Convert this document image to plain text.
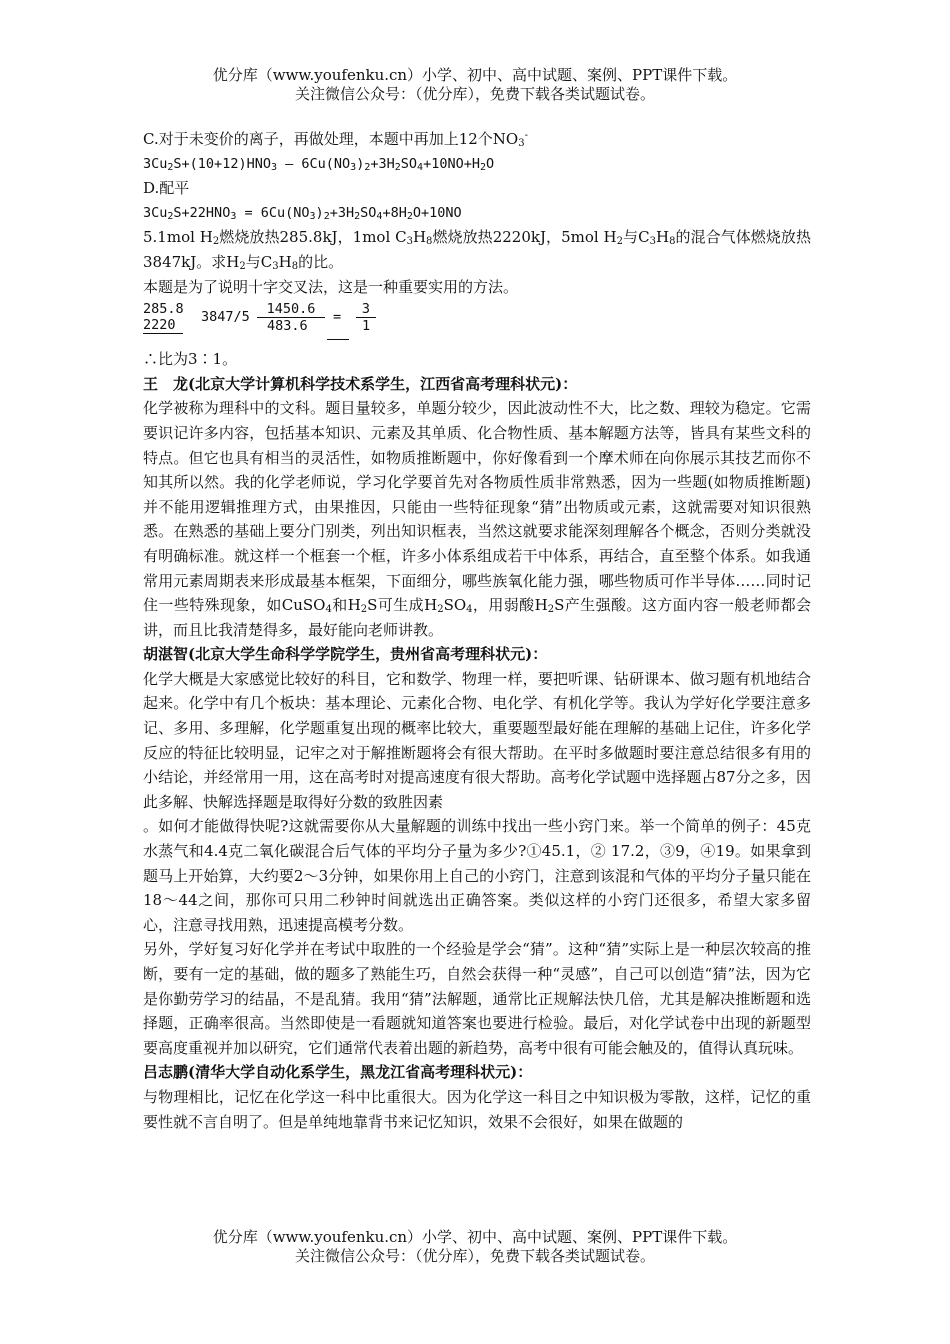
优分库（www.youfenku.cn）小学、初中、高中试题、案例、PPT课件下载。
关注微信公众号：（优分库），免费下载各类试题试卷。

C.对于未变价的离子，再做处理，本题中再加上12个$NO_3^-$

$3Cu_2S+(10+12)HNO_3$ — $6Cu(NO_3)_2+3H_2SO_4+10NO+H_2O$

D.配平

$3Cu_2S+22HNO_3 = 6Cu(NO_3)_2+3H_2SO_4+8H_2O+10NO$

5.1mol $H_2$燃烧放热285.8kJ，1mol $C_3H_8$燃烧放热2220kJ，5mol $H_2$与$C_3H_8$的混合气体燃烧放热3847kJ。求$H_2$与$C_3H_8$的比。

本题是为了说明十字交叉法，这是一种重要实用的方法。

285.8
2220	3847/5	1450.6
483.6
=	3
1

∴比为3∶1。

王　龙(北京大学计算机科学技术系学生，江西省高考理科状元)：

化学被称为理科中的文科。题目量较多，单题分较少，因此波动性不大，比之数、理较为稳定。它需要识记许多内容，包括基本知识、元素及其单质、化合物性质、基本解题方法等，皆具有某些文科的特点。但它也具有相当的灵活性，如物质推断题中，你好像看到一个摩术师在向你展示其技艺而你不知其所以然。我的化学老师说，学习化学要首先对各物质性质非常熟悉，因为一些题(如物质推断题)并不能用逻辑推理方式，由果推因，只能由一些特征现象“猜”出物质或元素，这就需要对知识很熟悉。在熟悉的基础上要分门别类，列出知识框表，当然这就要求能深刻理解各个概念，否则分类就没有明确标准。就这样一个框套一个框，许多小体系组成若干中体系，再结合，直至整个体系。如我通常用元素周期表来形成最基本框架，下面细分，哪些族氧化能力强，哪些物质可作半导体……同时记住一些特殊现象，如CuSO$_4$和$H_2S$可生成$H_2SO_4$，用弱酸$H_2S$产生强酸。这方面内容一般老师都会讲，而且比我清楚得多，最好能向老师讲教。

胡湛智(北京大学生命科学学院学生，贵州省高考理科状元)：

化学大概是大家感觉比较好的科目，它和数学、物理一样，要把听课、钻研课本、做习题有机地结合起来。化学中有几个板块：基本理论、元素化合物、电化学、有机化学等。我认为学好化学要注意多记、多用、多理解，化学题重复出现的概率比较大，重要题型最好能在理解的基础上记住，许多化学反应的特征比较明显，记牢之对于解推断题将会有很大帮助。在平时多做题时要注意总结很多有用的小结论，并经常用一用，这在高考时对提高速度有很大帮助。高考化学试题中选择题占87分之多，因此多解、快解选择题是取得好分数的致胜因素

。如何才能做得快呢?这就需要你从大量解题的训练中找出一些小窍门来。举一个简单的例子：45克水蒸气和4.4克二氧化碳混合后气体的平均分子量为多少?①45.1，② 17.2，③9，④19。如果拿到题马上开始算，大约要2～3分钟，如果你用上自己的小窍门，注意到该混和气体的平均分子量只能在18～44之间，那你可只用二秒钟时间就选出正确答案。类似这样的小窍门还很多，希望大家多留心，注意寻找用熟，迅速提高模考分数。

另外，学好复习好化学并在考试中取胜的一个经验是学会“猜”。这种“猜”实际上是一种层次较高的推断，要有一定的基础，做的题多了熟能生巧，自然会获得一种“灵感”，自己可以创造“猜”法，因为它是你勤劳学习的结晶，不是乱猜。我用“猜”法解题，通常比正规解法快几倍，尤其是解决推断题和选择题，正确率很高。当然即使是一看题就知道答案也要进行检验。最后，对化学试卷中出现的新题型要高度重视并加以研究，它们通常代表着出题的新趋势，高考中很有可能会触及的，值得认真玩味。

吕志鹏(清华大学自动化系学生，黑龙江省高考理科状元)：

与物理相比，记忆在化学这一科中比重很大。因为化学这一科目之中知识极为零散，这样，记忆的重要性就不言自明了。但是单纯地靠背书来记忆知识，效果不会很好，如果在做题的

优分库（www.youfenku.cn）小学、初中、高中试题、案例、PPT课件下载。
关注微信公众号：（优分库），免费下载各类试题试卷。
